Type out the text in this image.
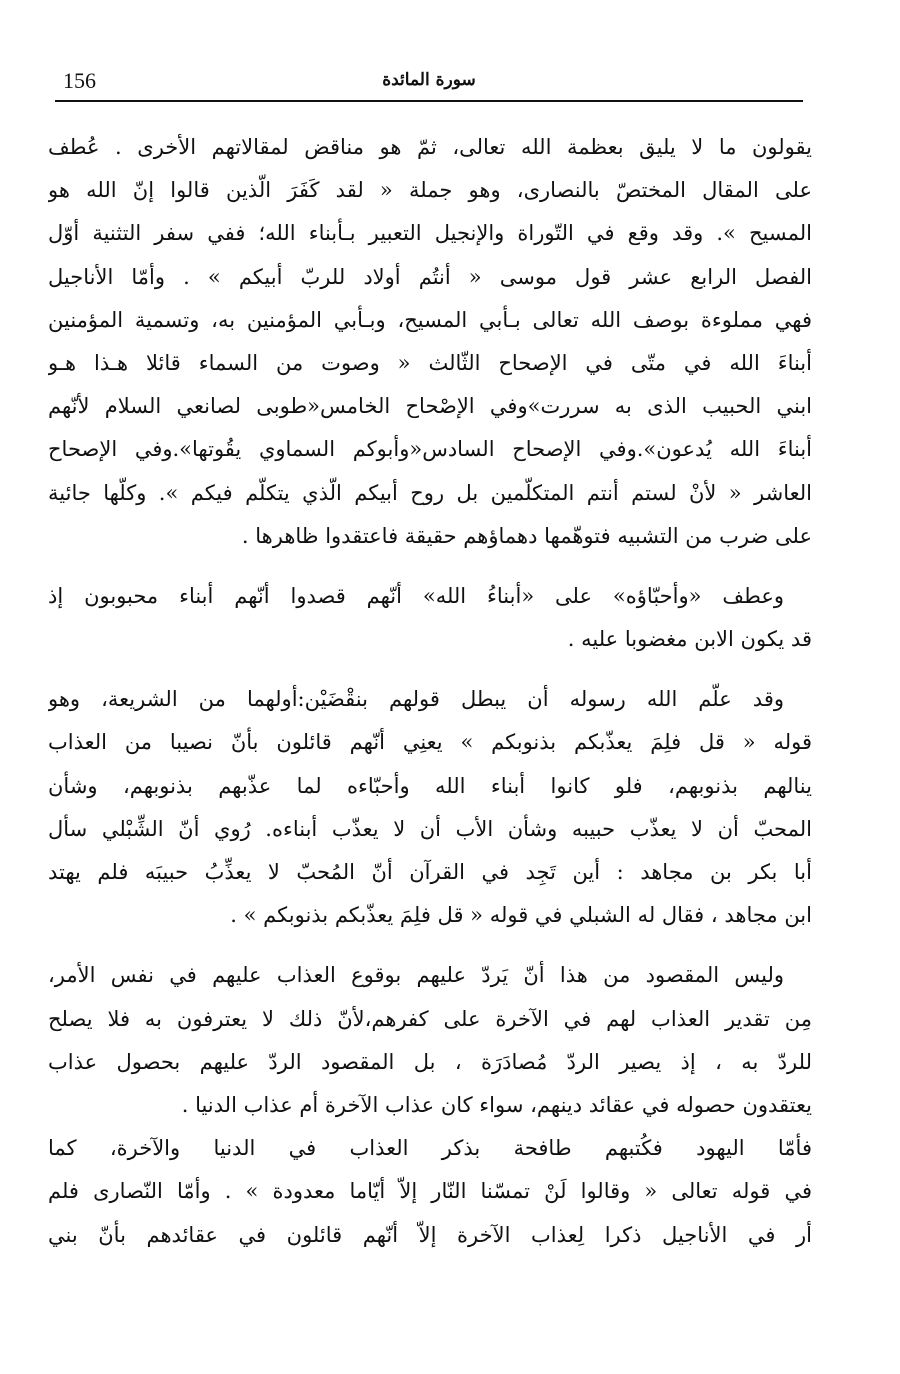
156	سورة المائدة

يقولون ما لا يليق بعظمة الله تعالى، ثمّ هو مناقض لمقالاتهم الأخرى . عُطف
على المقال المختصّ بالنصارى، وهو جملة « لقد كَفَرَ الّذين قالوا إنّ الله هو
المسيح ». وقد وقع في التّوراة والإنجيل التعبير بـأبناء الله؛ ففي سفر التثنية أوّل
الفصل الرابع عشر قول موسى « أنتُم أولاد للربّ أبيكم » . وأمّا الأناجيل
فهي مملوءة بوصف الله تعالى بـأبي المسيح، وبـأبي المؤمنين به، وتسمية المؤمنين
أبناءَ الله في متّى في الإصحاح الثّالث « وصوت من السماء قائلا هـذا هـو
ابني الحبيب الذى به سررت»وفي الإصْحاح الخامس«طوبى لصانعي السلام لأنّهم
أبناءَ الله يُدعون».وفي الإصحاح السادس«وأبوكم السماوي يقُوتها».وفي الإصحاح
العاشر « لأنْ لستم أنتم المتكلّمين بل روح أبيكم الّذي يتكلّم فيكم ». وكلّها جائية
على ضرب من التشبيه فتوهّمها دهماؤهم حقيقة فاعتقدوا ظاهرها .

وعطف «وأحبّاؤه» على «أبناءُ الله» أنّهم قصدوا أنّهم أبناء محبوبون إذ
قد يكون الابن مغضوبا عليه .

وقد علّم الله رسوله أن يبطل قولهم بنقْضَيْن:أولهما من الشريعة، وهو
قوله « قل فلِمَ يعذّبكم بذنوبكم » يعنِي أنّهم قائلون بأنّ نصيبا من العذاب
ينالهم بذنوبهم، فلو كانوا أبناء الله وأحبّاءه لما عذّبهم بذنوبهم، وشأن
المحبّ أن لا يعذّب حبيبه وشأن الأب أن لا يعذّب أبناءه. رُوي أنّ الشِّبْلي سأل
أبا بكر بن مجاهد : أين تَجِد في القرآن أنّ المُحبّ لا يعذِّبُ حبيبَه فلم يهتد
ابن مجاهد ، فقال له الشبلي في قوله « قل فلِمَ يعذّبكم بذنوبكم » .

وليس المقصود من هذا أنّ يَردّ عليهم بوقوع العذاب عليهم في نفس الأمر،
مِن تقدير العذاب لهم في الآخرة على كفرهم،لأنّ ذلك لا يعترفون به فلا يصلح
للردّ به ، إذ يصير الردّ مُصادَرَة ، بل المقصود الردّ عليهم بحصول عذاب
يعتقدون حصوله في عقائد دينهم، سواء كان عذاب الآخرة أم عذاب الدنيا .
فأمّا اليهود فكُتبهم طافحة بذكر العذاب في الدنيا والآخرة، كما
في قوله تعالى « وقالوا لَنْ تمسّنا النّار إلاّ أيّاما معدودة » . وأمّا النّصارى فلم
أر في الأناجيل ذكرا لِعذاب الآخرة إلاّ أنّهم قائلون في عقائدهم بأنّ بني
